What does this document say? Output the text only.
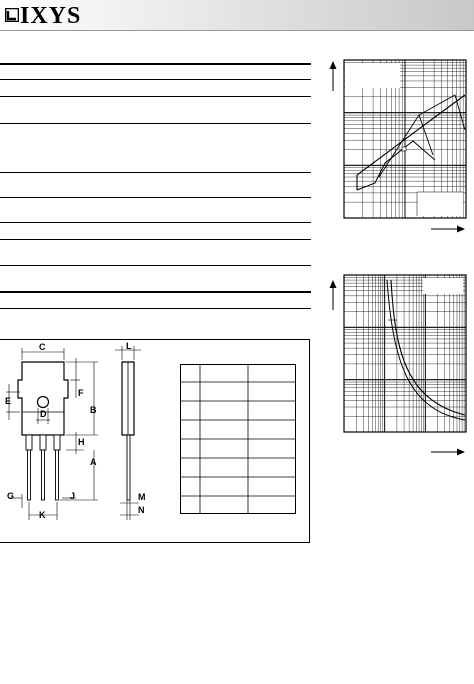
IXYS
C
D
E
F
B
H
A
G	J
K
L
M
N
